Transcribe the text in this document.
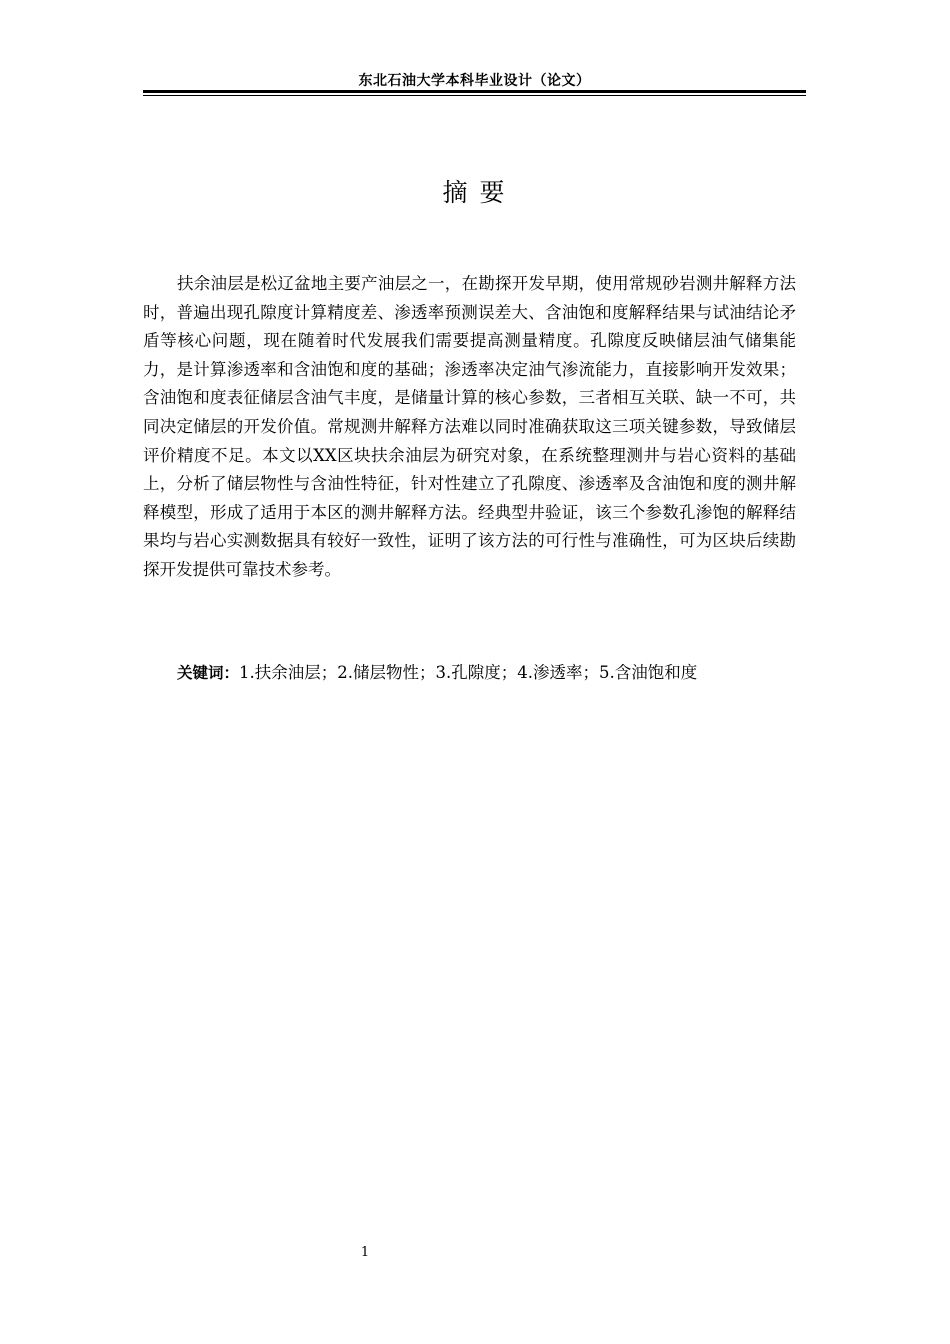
东北石油大学本科毕业设计（论文）
摘 要

扶余油层是松辽盆地主要产油层之一，在勘探开发早期，使用常规砂岩测井解释方法时，普遍出现孔隙度计算精度差、渗透率预测误差大、含油饱和度解释结果与试油结论矛盾等核心问题，现在随着时代发展我们需要提高测量精度。孔隙度反映储层油气储集能力，是计算渗透率和含油饱和度的基础；渗透率决定油气渗流能力，直接影响开发效果；含油饱和度表征储层含油气丰度，是储量计算的核心参数，三者相互关联、缺一不可，共同决定储层的开发价值。常规测井解释方法难以同时准确获取这三项关键参数，导致储层评价精度不足。本文以XX区块扶余油层为研究对象，在系统整理测井与岩心资料的基础上，分析了储层物性与含油性特征，针对性建立了孔隙度、渗透率及含油饱和度的测井解释模型，形成了适用于本区的测井解释方法。经典型井验证，该三个参数孔渗饱的解释结果均与岩心实测数据具有较好一致性，证明了该方法的可行性与准确性，可为区块后续勘探开发提供可靠技术参考。

关键词：1.扶余油层；2.储层物性；3.孔隙度；4.渗透率；5.含油饱和度
1
